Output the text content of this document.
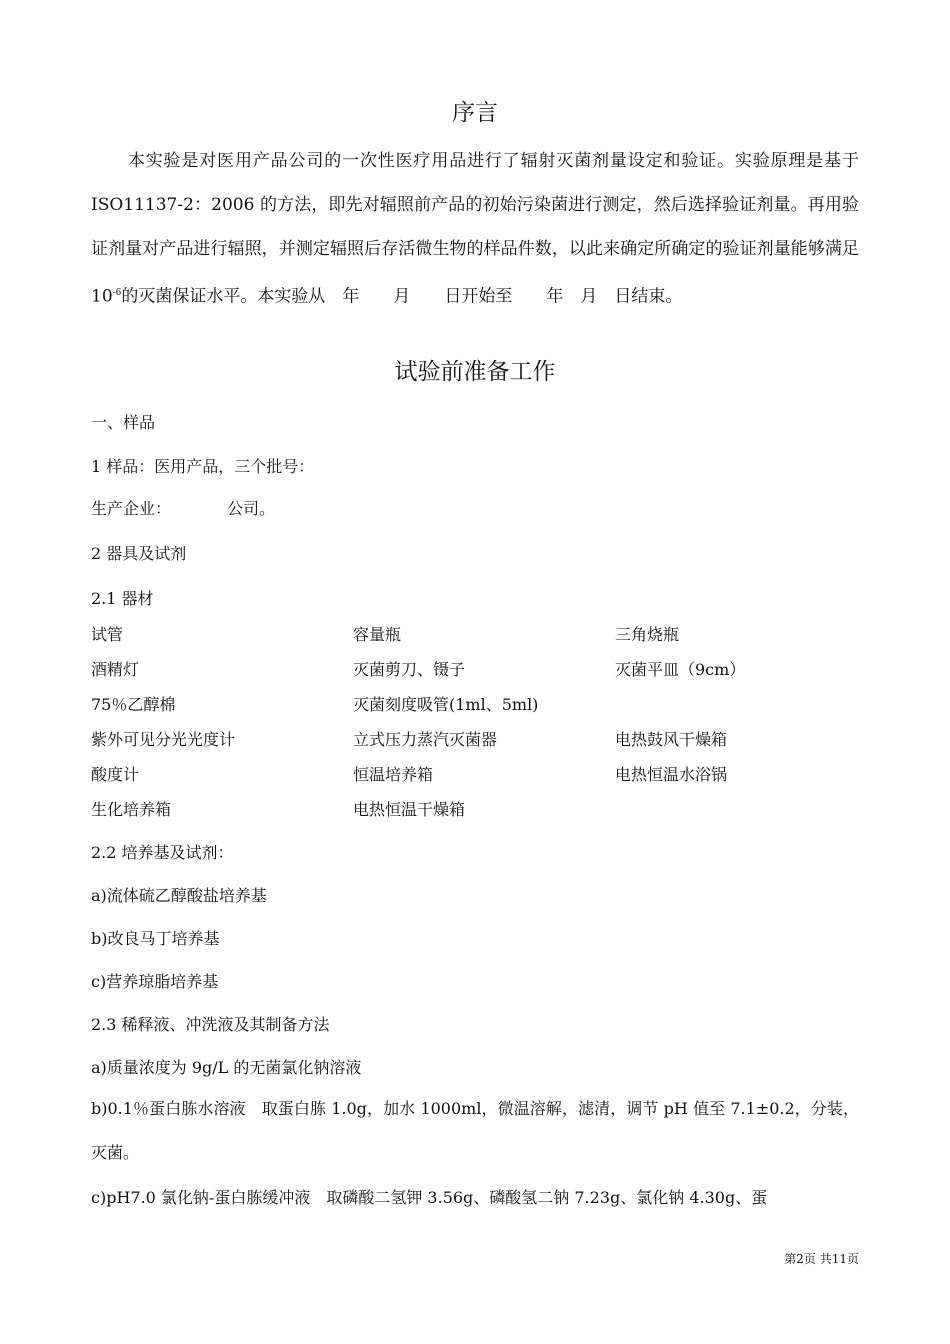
序言

本实验是对医用产品公司的一次性医疗用品进行了辐射灭菌剂量设定和验证。实验原理是基于 ISO11137-2：2006 的方法，即先对辐照前产品的初始污染菌进行测定，然后选择验证剂量。再用验证剂量对产品进行辐照，并测定辐照后存活微生物的样品件数，以此来确定所确定的验证剂量能够满足 $10^{-6}$的灭菌保证水平。本实验从　年　　月　　日开始至　　年　月　日结束。

试验前准备工作
一、样品
1 样品：医用产品，三个批号：
生产企业：　　　　公司。
2 器具及试剂
2.1 器材
试管	容量瓶	三角烧瓶
酒精灯	灭菌剪刀、镊子	灭菌平皿（9cm）
75％乙醇棉	灭菌刻度吸管(1ml、5ml)
紫外可见分光光度计	立式压力蒸汽灭菌器	电热鼓风干燥箱
酸度计	恒温培养箱	电热恒温水浴锅
生化培养箱	电热恒温干燥箱
2.2 培养基及试剂：
a)流体硫乙醇酸盐培养基
b)改良马丁培养基
c)营养琼脂培养基
2.3 稀释液、冲洗液及其制备方法
a)质量浓度为 9g/L 的无菌氯化钠溶液

b)0.1％蛋白胨水溶液　取蛋白胨 1.0g，加水 1000ml，微温溶解，滤清，调节 pH 值至 7.1±0.2，分装，灭菌。

c)pH7.0 氯化钠-蛋白胨缓冲液　取磷酸二氢钾 3.56g、磷酸氢二钠 7.23g、氯化钠 4.30g、蛋
第2页 共11页
